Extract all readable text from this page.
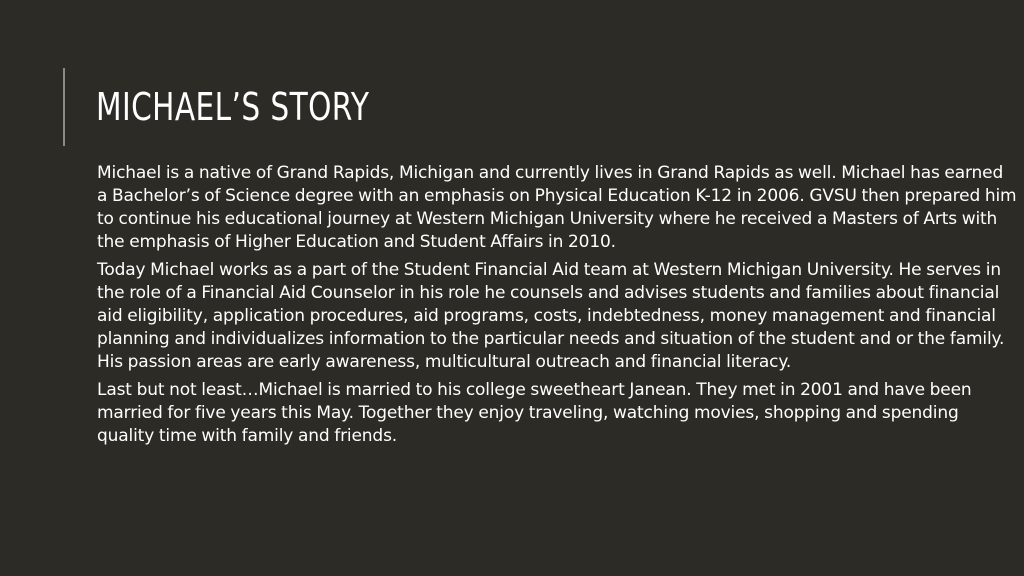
MICHAEL’S STORY

Michael is a native of Grand Rapids, Michigan and currently lives in Grand Rapids as well. Michael has earned a Bachelor’s of Science degree with an emphasis on Physical Education K-12 in 2006. GVSU then prepared him to continue his educational journey at Western Michigan University where he received a Masters of Arts with the emphasis of Higher Education and Student Affairs in 2010.

Today Michael works as a part of the Student Financial Aid team at Western Michigan University. He serves in the role of a Financial Aid Counselor in his role he counsels and advises students and families about financial aid eligibility, application procedures, aid programs, costs, indebtedness, money management and financial planning and individualizes information to the particular needs and situation of the student and or the family. His passion areas are early awareness, multicultural outreach and financial literacy.

Last but not least…Michael is married to his college sweetheart Janean. They met in 2001 and have been married for five years this May. Together they enjoy traveling, watching movies, shopping and spending quality time with family and friends.
